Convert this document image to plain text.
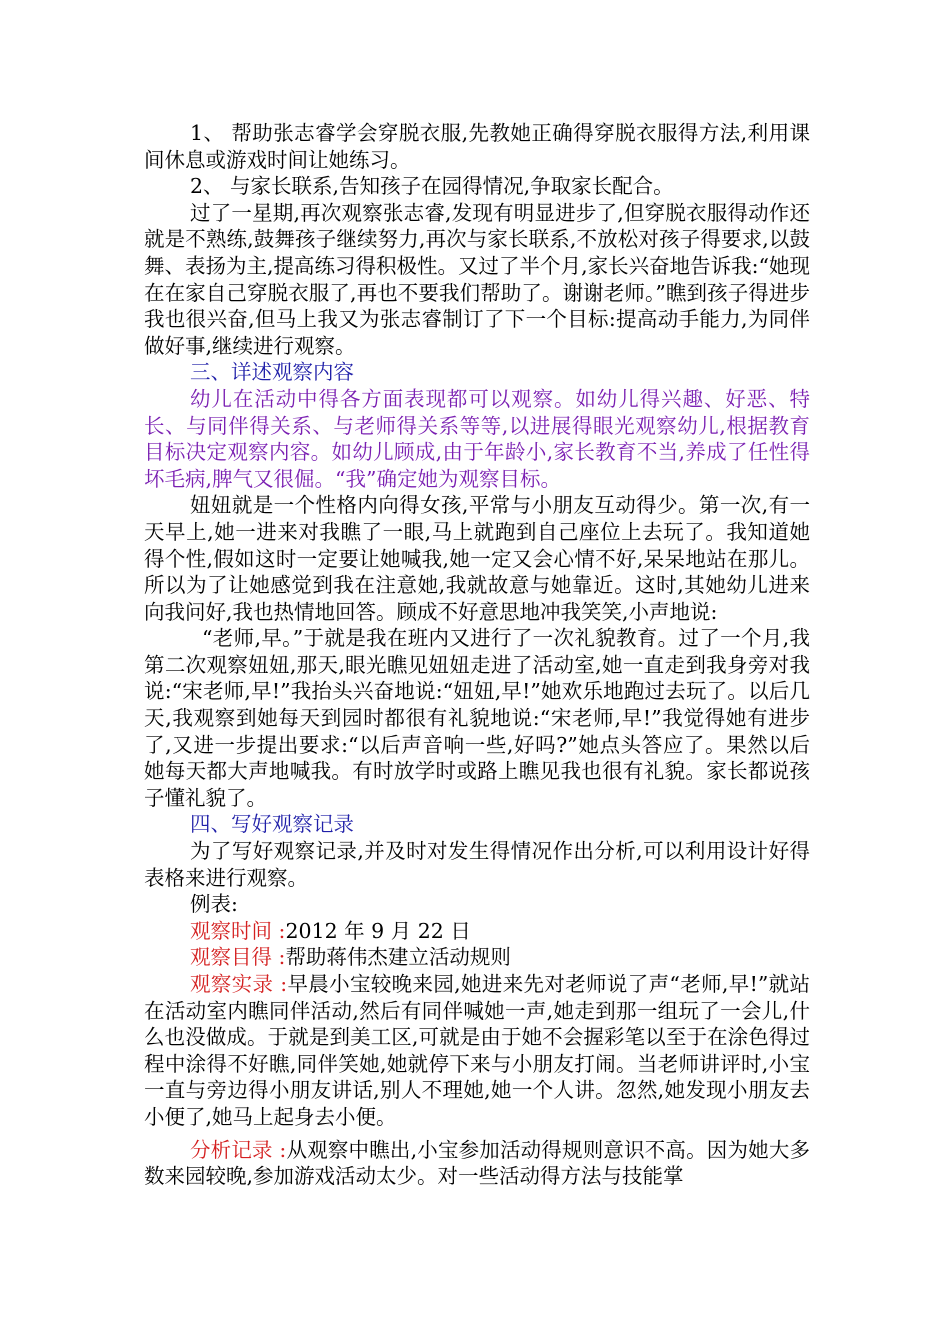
1、 帮助张志睿学会穿脱衣服,先教她正确得穿脱衣服得方法,利用课间休息或游戏时间让她练习。

2、 与家长联系,告知孩子在园得情况,争取家长配合。

过了一星期,再次观察张志睿,发现有明显进步了,但穿脱衣服得动作还就是不熟练,鼓舞孩子继续努力,再次与家长联系,不放松对孩子得要求,以鼓舞、表扬为主,提高练习得积极性。又过了半个月,家长兴奋地告诉我:“她现在在家自己穿脱衣服了,再也不要我们帮助了。谢谢老师。”瞧到孩子得进步我也很兴奋,但马上我又为张志睿制订了下一个目标:提高动手能力,为同伴做好事,继续进行观察。

三、详述观察内容

幼儿在活动中得各方面表现都可以观察。如幼儿得兴趣、好恶、特长、与同伴得关系、与老师得关系等等,以进展得眼光观察幼儿,根据教育目标决定观察内容。如幼儿顾成,由于年龄小,家长教育不当,养成了任性得坏毛病,脾气又很倔。“我”确定她为观察目标。

妞妞就是一个性格内向得女孩,平常与小朋友互动得少。第一次,有一天早上,她一进来对我瞧了一眼,马上就跑到自己座位上去玩了。我知道她得个性,假如这时一定要让她喊我,她一定又会心情不好,呆呆地站在那儿。所以为了让她感觉到我在注意她,我就故意与她靠近。这时,其她幼儿进来向我问好,我也热情地回答。顾成不好意思地冲我笑笑,小声地说:

“老师,早。”于就是我在班内又进行了一次礼貌教育。过了一个月,我第二次观察妞妞,那天,眼光瞧见妞妞走进了活动室,她一直走到我身旁对我说:“宋老师,早!”我抬头兴奋地说:“妞妞,早!”她欢乐地跑过去玩了。以后几天,我观察到她每天到园时都很有礼貌地说:“宋老师,早!”我觉得她有进步了,又进一步提出要求:“以后声音响一些,好吗?”她点头答应了。果然以后她每天都大声地喊我。有时放学时或路上瞧见我也很有礼貌。家长都说孩子懂礼貌了。

四、写好观察记录

为了写好观察记录,并及时对发生得情况作出分析,可以利用设计好得表格来进行观察。

例表:

观察时间 :2012 年 9 月 22 日

观察目得 :帮助蒋伟杰建立活动规则

观察实录 :早晨小宝较晚来园,她进来先对老师说了声“老师,早!”就站在活动室内瞧同伴活动,然后有同伴喊她一声,她走到那一组玩了一会儿,什么也没做成。于就是到美工区,可就是由于她不会握彩笔以至于在涂色得过程中涂得不好瞧,同伴笑她,她就停下来与小朋友打闹。当老师讲评时,小宝一直与旁边得小朋友讲话,别人不理她,她一个人讲。忽然,她发现小朋友去小便了,她马上起身去小便。

分析记录 :从观察中瞧出,小宝参加活动得规则意识不高。因为她大多数来园较晚,参加游戏活动太少。对一些活动得方法与技能掌
